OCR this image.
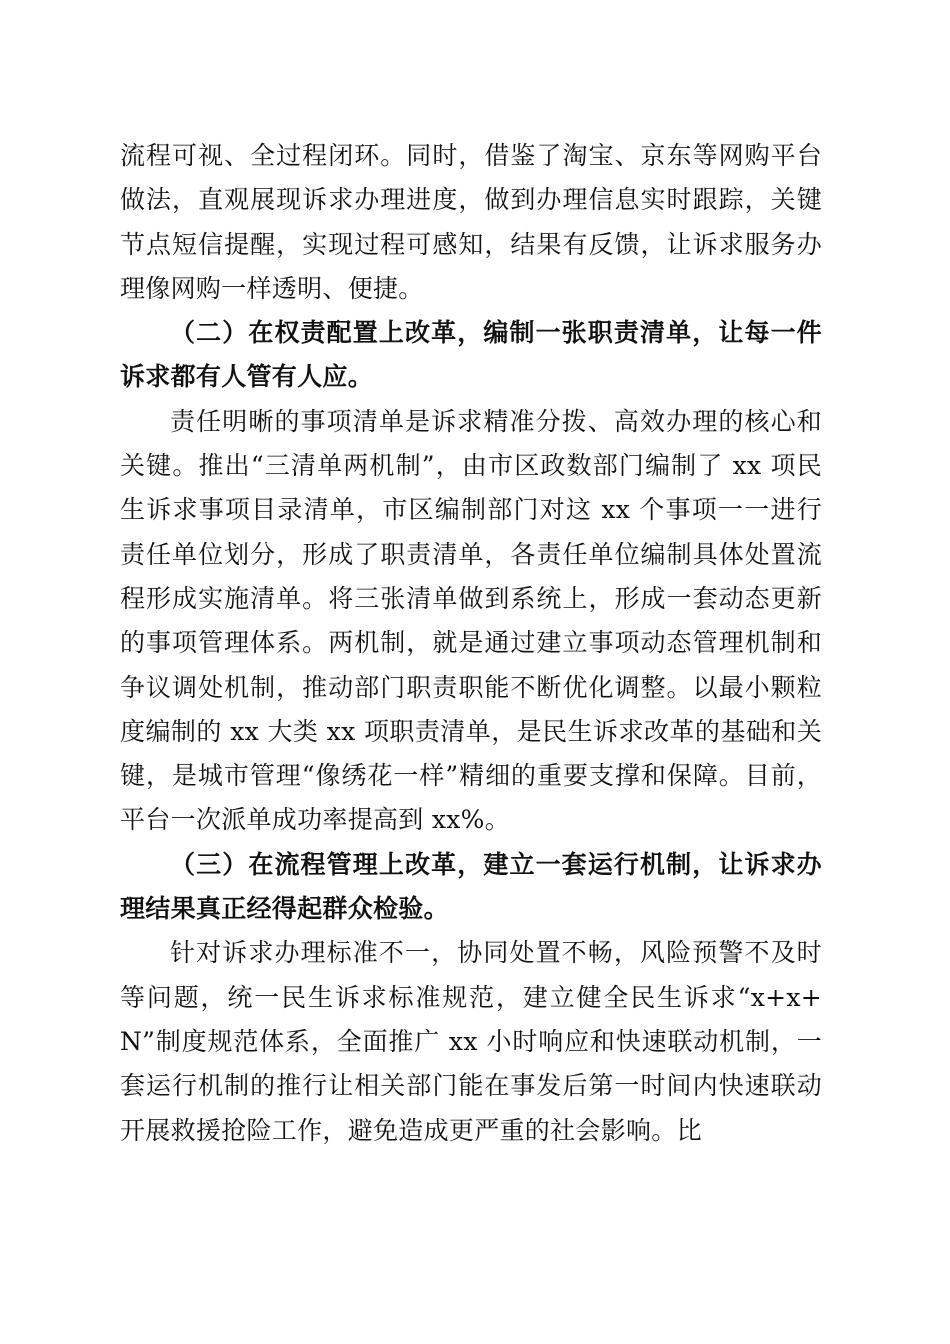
流程可视、全过程闭环。同时，借鉴了淘宝、京东等网购平台做法，直观展现诉求办理进度，做到办理信息实时跟踪，关键节点短信提醒，实现过程可感知，结果有反馈，让诉求服务办理像网购一样透明、便捷。

（二）在权责配置上改革，编制一张职责清单，让每一件诉求都有人管有人应。

责任明晰的事项清单是诉求精准分拨、高效办理的核心和关键。推出“三清单两机制”，由市区政数部门编制了 xx 项民生诉求事项目录清单，市区编制部门对这 xx 个事项一一进行责任单位划分，形成了职责清单，各责任单位编制具体处置流程形成实施清单。将三张清单做到系统上，形成一套动态更新的事项管理体系。两机制，就是通过建立事项动态管理机制和争议调处机制，推动部门职责职能不断优化调整。以最小颗粒度编制的 xx 大类 xx 项职责清单，是民生诉求改革的基础和关键，是城市管理“像绣花一样”精细的重要支撑和保障。目前，平台一次派单成功率提高到 xx%。

（三）在流程管理上改革，建立一套运行机制，让诉求办理结果真正经得起群众检验。

针对诉求办理标准不一，协同处置不畅，风险预警不及时等问题，统一民生诉求标准规范，建立健全民生诉求“x+x+N”制度规范体系，全面推广 xx 小时响应和快速联动机制，一套运行机制的推行让相关部门能在事发后第一时间内快速联动开展救援抢险工作，避免造成更严重的社会影响。比
